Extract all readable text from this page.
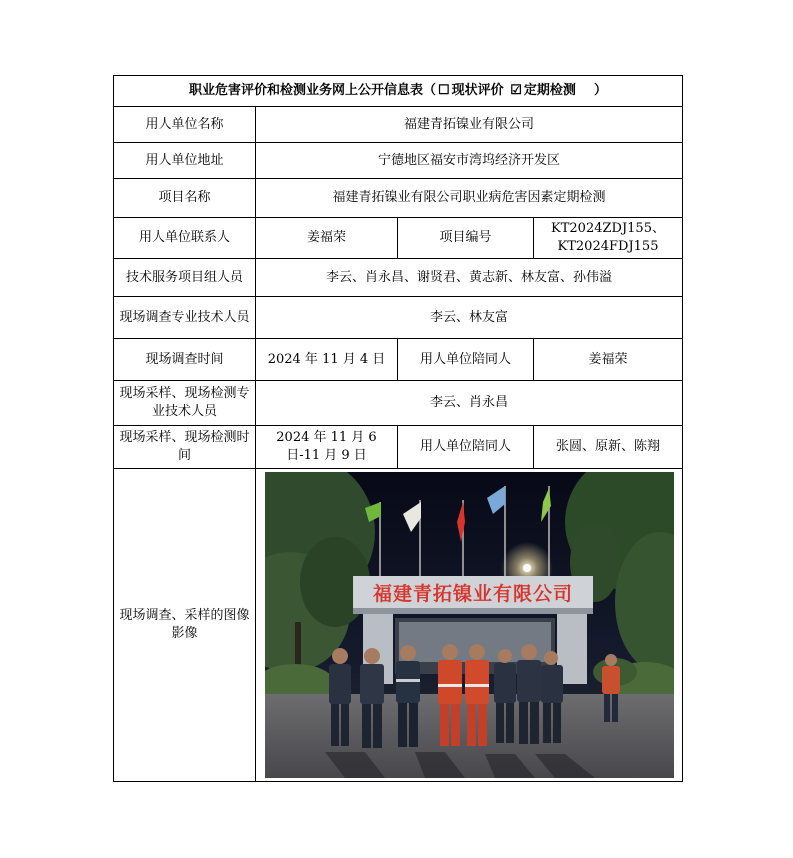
职业危害评价和检测业务网上公开信息表（ ☐ 现状评价 ☑ 定期检测 ）			
用人单位名称	福建青拓镍业有限公司		
用人单位地址	宁德地区福安市湾坞经济开发区		
项目名称	福建青拓镍业有限公司职业病危害因素定期检测		
用人单位联系人	姜福荣	项目编号	KT2024ZDJ155、KT2024FDJ155
技术服务项目组人员	李云、肖永昌、谢贤君、黄志新、林友富、孙伟溢		
现场调查专业技术人员	李云、林友富		
现场调查时间	2024 年 11 月 4 日	用人单位陪同人	姜福荣
现场采样、现场检测专业技术人员	李云、肖永昌		
现场采样、现场检测时间	2024 年 11 月 6 日-11 月 9 日	用人单位陪同人	张圆、原新、陈翔
现场调查、采样的图像影像	福建青拓镍业有限公司		
